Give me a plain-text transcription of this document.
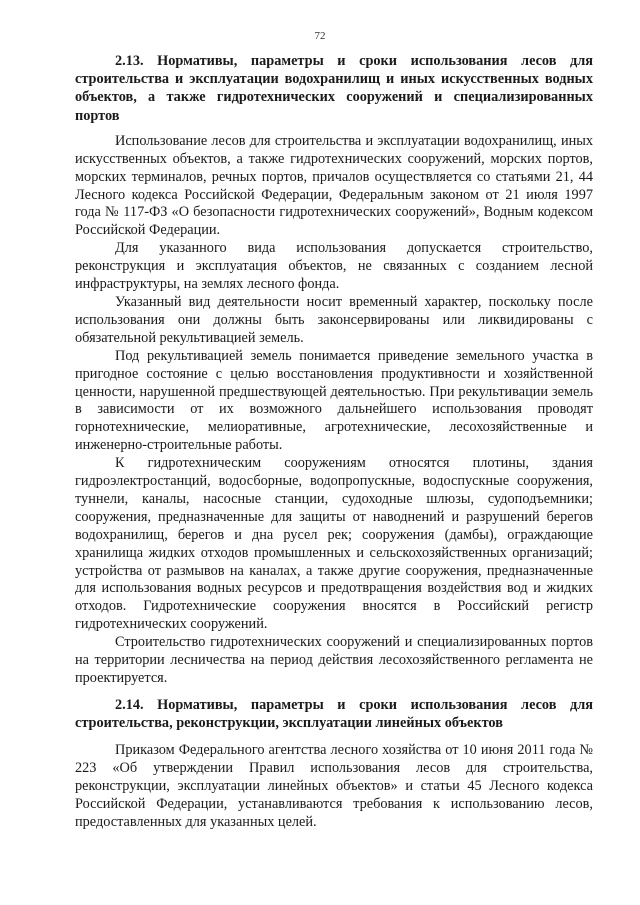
72

2.13. Нормативы, параметры и сроки использования лесов для строительства и эксплуатации водохранилищ и иных искусственных водных объектов, а также гидротехнических сооружений и специализированных портов

Использование лесов для строительства и эксплуатации водохранилищ, иных искусственных объектов, а также гидротехнических сооружений, морских портов, морских терминалов, речных портов, причалов осуществляется со статьями 21, 44 Лесного кодекса Российской Федерации, Федеральным законом от 21 июля 1997 года № 117-ФЗ «О безопасности гидротехнических сооружений», Водным кодексом Российской Федерации.

Для указанного вида использования допускается строительство, реконструкция и эксплуатация объектов, не связанных с созданием лесной инфраструктуры, на землях лесного фонда.

Указанный вид деятельности носит временный характер, поскольку после использования они должны быть законсервированы или ликвидированы с обязательной рекультивацией земель.

Под рекультивацией земель понимается приведение земельного участка в пригодное состояние с целью восстановления продуктивности и хозяйственной ценности, нарушенной предшествующей деятельностью. При рекультивации земель в зависимости от их возможного дальнейшего использования проводят горнотехнические, мелиоративные, агротехнические, лесохозяйственные и инженерно-строительные работы.

К гидротехническим сооружениям относятся плотины, здания гидроэлектростанций, водосборные, водопропускные, водоспускные сооружения, туннели, каналы, насосные станции, судоходные шлюзы, судоподъемники; сооружения, предназначенные для защиты от наводнений и разрушений берегов водохранилищ, берегов и дна русел рек; сооружения (дамбы), ограждающие хранилища жидких отходов промышленных и сельскохозяйственных организаций; устройства от размывов на каналах, а также другие сооружения, предназначенные для использования водных ресурсов и предотвращения воздействия вод и жидких отходов. Гидротехнические сооружения вносятся в Российский регистр гидротехнических сооружений.

Строительство гидротехнических сооружений и специализированных портов на территории лесничества на период действия лесохозяйственного регламента не проектируется.

2.14. Нормативы, параметры и сроки использования лесов для строительства, реконструкции, эксплуатации линейных объектов

Приказом Федерального агентства лесного хозяйства от 10 июня 2011 года № 223 «Об утверждении Правил использования лесов для строительства, реконструкции, эксплуатации линейных объектов» и статьи 45 Лесного кодекса Российской Федерации, устанавливаются требования к использованию лесов, предоставленных для указанных целей.
